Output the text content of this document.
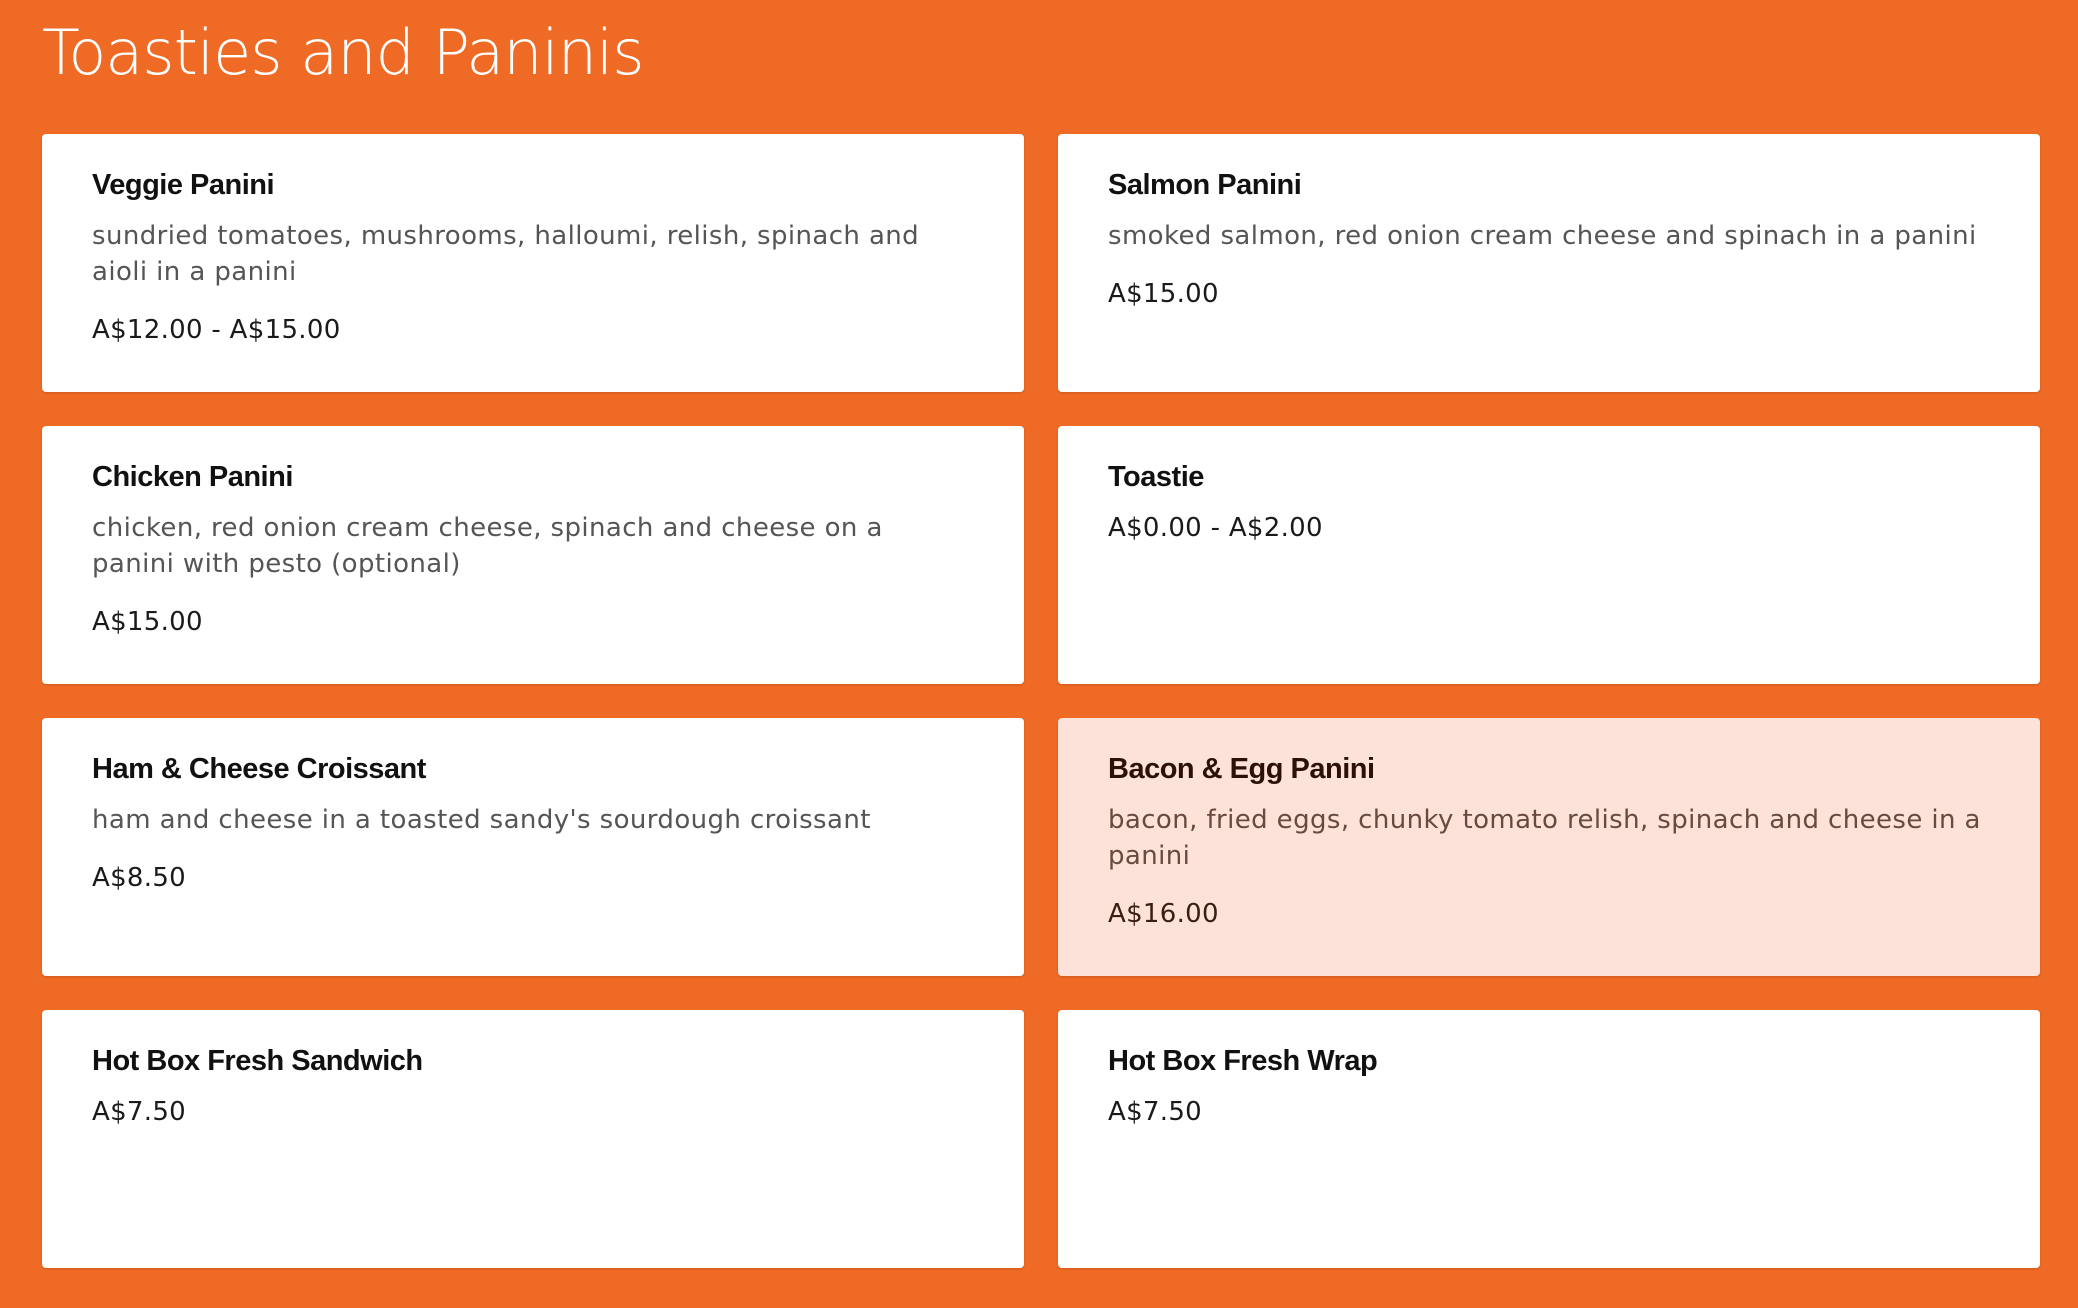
Toasties and Paninis
Veggie Panini
sundried tomatoes, mushrooms, halloumi, relish, spinach and aioli in a panini
A$12.00 - A$15.00
Salmon Panini
smoked salmon, red onion cream cheese and spinach in a panini
A$15.00
Chicken Panini
chicken, red onion cream cheese, spinach and cheese on a panini with pesto (optional)
A$15.00
Toastie
A$0.00 - A$2.00
Ham & Cheese Croissant
ham and cheese in a toasted sandy's sourdough croissant
A$8.50
Bacon & Egg Panini
bacon, fried eggs, chunky tomato relish, spinach and cheese in a panini
A$16.00
Hot Box Fresh Sandwich
A$7.50
Hot Box Fresh Wrap
A$7.50
